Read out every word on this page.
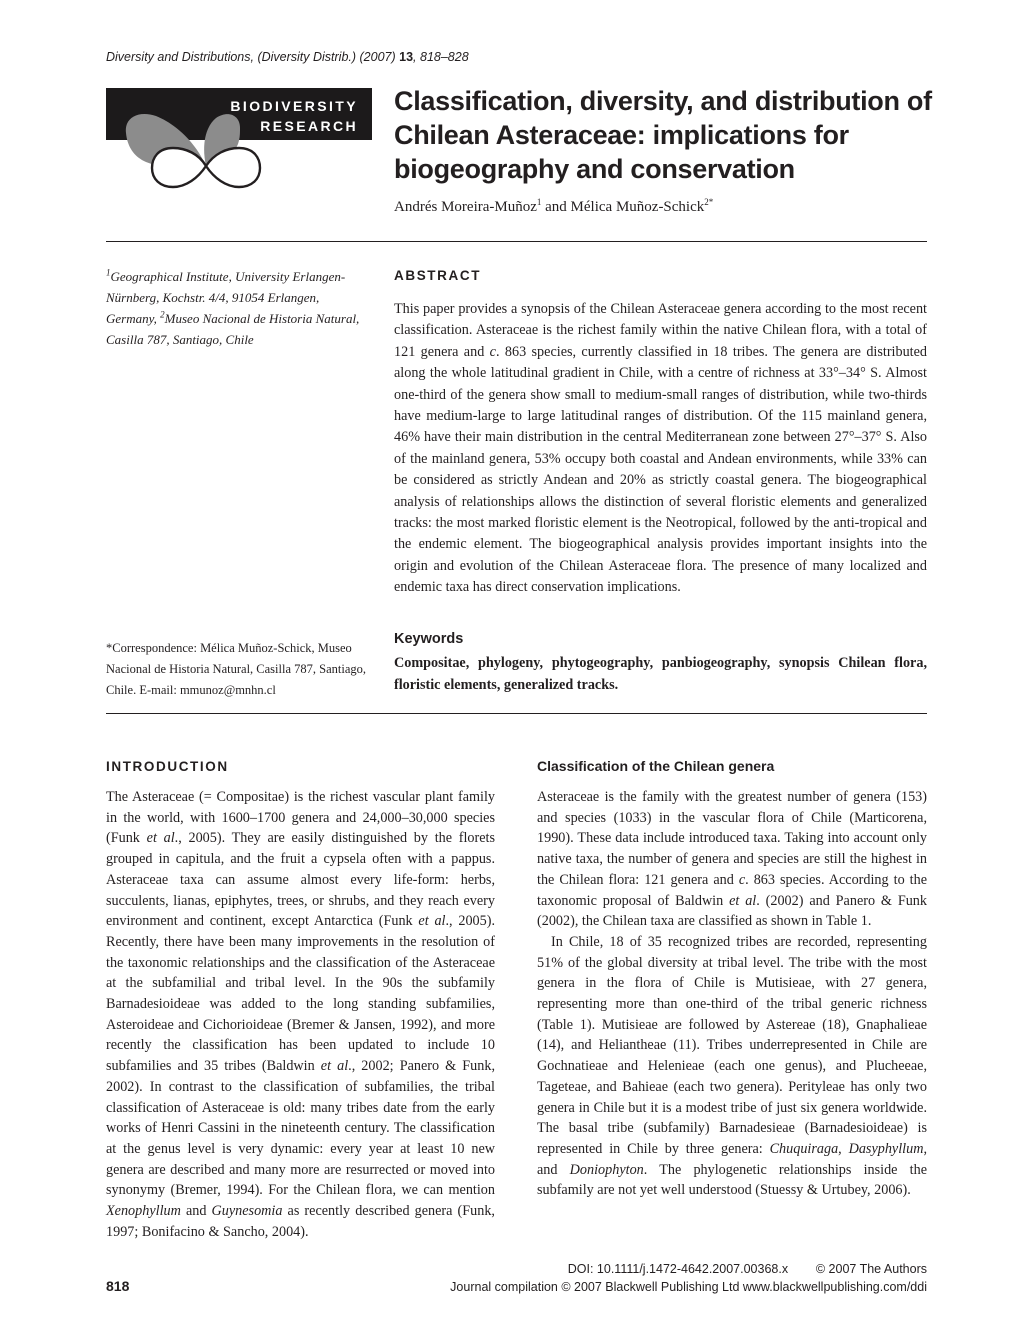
Diversity and Distributions, (Diversity Distrib.) (2007) 13, 818–828
BIODIVERSITY
RESEARCH
Classification, diversity, and distribution of Chilean Asteraceae: implications for biogeography and conservation
Andrés Moreira-Muñoz$^1$ and Mélica Muñoz-Schick$^{2*}$

$^1$Geographical Institute, University Erlangen-Nürnberg, Kochstr. 4/4, 91054 Erlangen, Germany, $^2$Museo Nacional de Historia Natural, Casilla 787, Santiago, Chile

*Correspondence: Mélica Muñoz-Schick, Museo Nacional de Historia Natural, Casilla 787, Santiago, Chile. E-mail: mmunoz@mnhn.cl
ABSTRACT
This paper provides a synopsis of the Chilean Asteraceae genera according to the most recent classification. Asteraceae is the richest family within the native Chilean flora, with a total of 121 genera and c. 863 species, currently classified in 18 tribes. The genera are distributed along the whole latitudinal gradient in Chile, with a centre of richness at 33°–34° S. Almost one-third of the genera show small to medium-small ranges of distribution, while two-thirds have medium-large to large latitudinal ranges of distribution. Of the 115 mainland genera, 46% have their main distribution in the central Mediterranean zone between 27°–37° S. Also of the mainland genera, 53% occupy both coastal and Andean environments, while 33% can be considered as strictly Andean and 20% as strictly coastal genera. The biogeographical analysis of relationships allows the distinction of several floristic elements and generalized tracks: the most marked floristic element is the Neotropical, followed by the anti-tropical and the endemic element. The biogeographical analysis provides important insights into the origin and evolution of the Chilean Asteraceae flora. The presence of many localized and endemic taxa has direct conservation implications.
Keywords
Compositae, phylogeny, phytogeography, panbiogeography, synopsis Chilean flora, floristic elements, generalized tracks.
INTRODUCTION

The Asteraceae (= Compositae) is the richest vascular plant family in the world, with 1600–1700 genera and 24,000–30,000 species (Funk et al., 2005). They are easily distinguished by the florets grouped in capitula, and the fruit a cypsela often with a pappus. Asteraceae taxa can assume almost every life-form: herbs, succulents, lianas, epiphytes, trees, or shrubs, and they reach every environment and continent, except Antarctica (Funk et al., 2005). Recently, there have been many improvements in the resolution of the taxonomic relationships and the classification of the Asteraceae at the subfamilial and tribal level. In the 90s the subfamily Barnadesioideae was added to the long standing subfamilies, Asteroideae and Cichorioideae (Bremer & Jansen, 1992), and more recently the classification has been updated to include 10 subfamilies and 35 tribes (Baldwin et al., 2002; Panero & Funk, 2002). In contrast to the classification of subfamilies, the tribal classification of Asteraceae is old: many tribes date from the early works of Henri Cassini in the nineteenth century. The classification at the genus level is very dynamic: every year at least 10 new genera are described and many more are resurrected or moved into synonymy (Bremer, 1994). For the Chilean flora, we can mention Xenophyllum and Guynesomia as recently described genera (Funk, 1997; Bonifacino & Sancho, 2004).

Classification of the Chilean genera

Asteraceae is the family with the greatest number of genera (153) and species (1033) in the vascular flora of Chile (Marticorena, 1990). These data include introduced taxa. Taking into account only native taxa, the number of genera and species are still the highest in the Chilean flora: 121 genera and c. 863 species. According to the taxonomic proposal of Baldwin et al. (2002) and Panero & Funk (2002), the Chilean taxa are classified as shown in Table 1.

In Chile, 18 of 35 recognized tribes are recorded, representing 51% of the global diversity at tribal level. The tribe with the most genera in the flora of Chile is Mutisieae, with 27 genera, representing more than one-third of the tribal generic richness (Table 1). Mutisieae are followed by Astereae (18), Gnaphalieae (14), and Heliantheae (11). Tribes underrepresented in Chile are Gochnatieae and Helenieae (each one genus), and Plucheeae, Tageteae, and Bahieae (each two genera). Perityleae has only two genera in Chile but it is a modest tribe of just six genera worldwide. The basal tribe (subfamily) Barnadesieae (Barnadesioideae) is represented in Chile by three genera: Chuquiraga, Dasyphyllum, and Doniophyton. The phylogenetic relationships inside the subfamily are not yet well understood (Stuessy & Urtubey, 2006).

818
DOI: 10.1111/j.1472-4642.2007.00368.x        © 2007 The Authors
Journal compilation © 2007 Blackwell Publishing Ltd www.blackwellpublishing.com/ddi
